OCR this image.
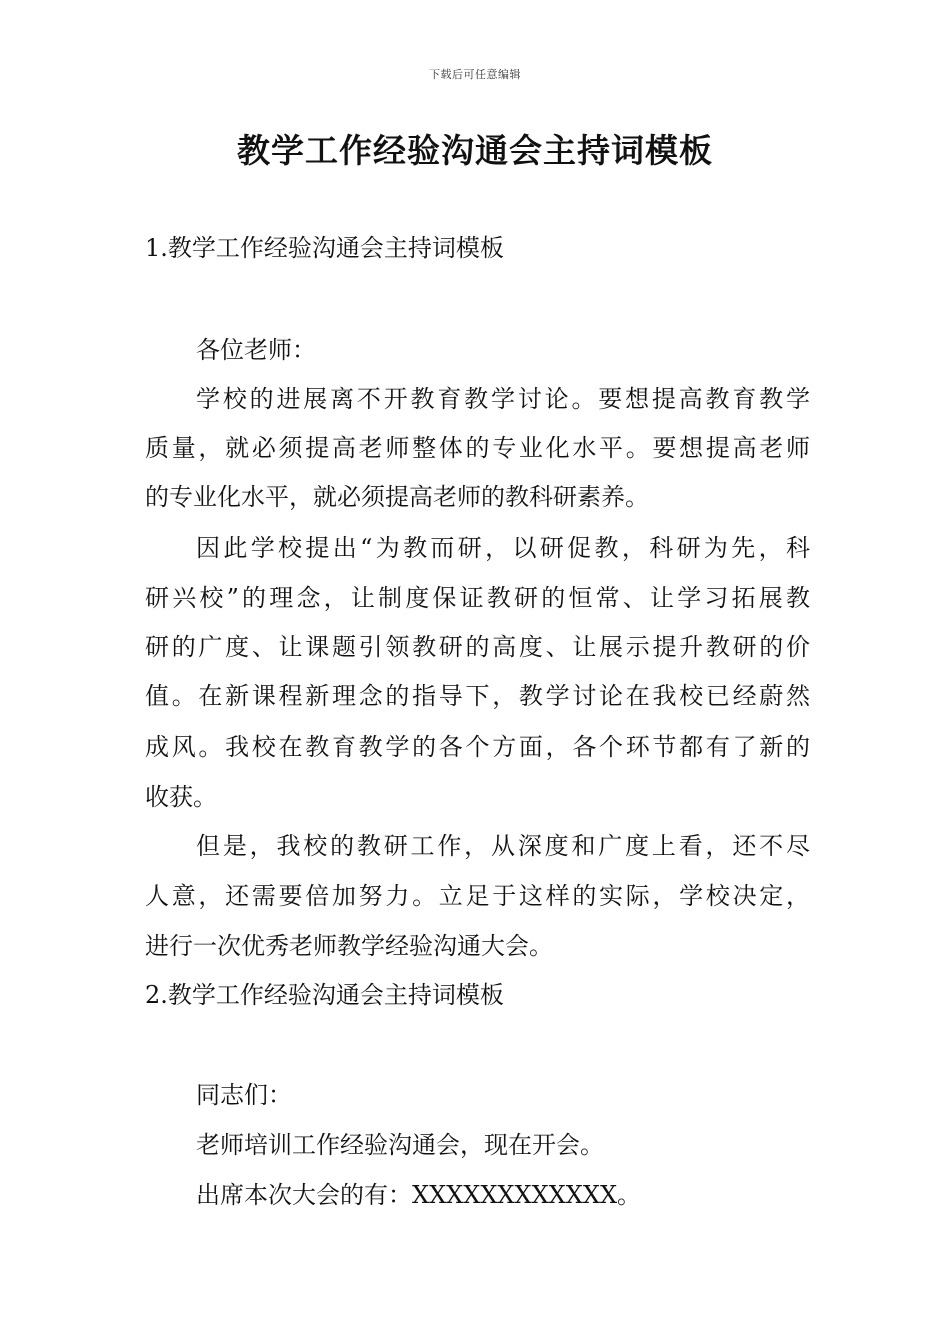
下载后可任意编辑
教学工作经验沟通会主持词模板
1.教学工作经验沟通会主持词模板
各位老师：
学校的进展离不开教育教学讨论。要想提高教育教学
质量，就必须提高老师整体的专业化水平。要想提高老师
的专业化水平，就必须提高老师的教科研素养。
因此学校提出“为教而研，以研促教，科研为先，科
研兴校”的理念，让制度保证教研的恒常、让学习拓展教
研的广度、让课题引领教研的高度、让展示提升教研的价
值。在新课程新理念的指导下，教学讨论在我校已经蔚然
成风。我校在教育教学的各个方面，各个环节都有了新的
收获。
但是，我校的教研工作，从深度和广度上看，还不尽
人意，还需要倍加努力。立足于这样的实际，学校决定，
进行一次优秀老师教学经验沟通大会。
2.教学工作经验沟通会主持词模板
同志们：
老师培训工作经验沟通会，现在开会。
出席本次大会的有：XXXXXXXXXXXX。
